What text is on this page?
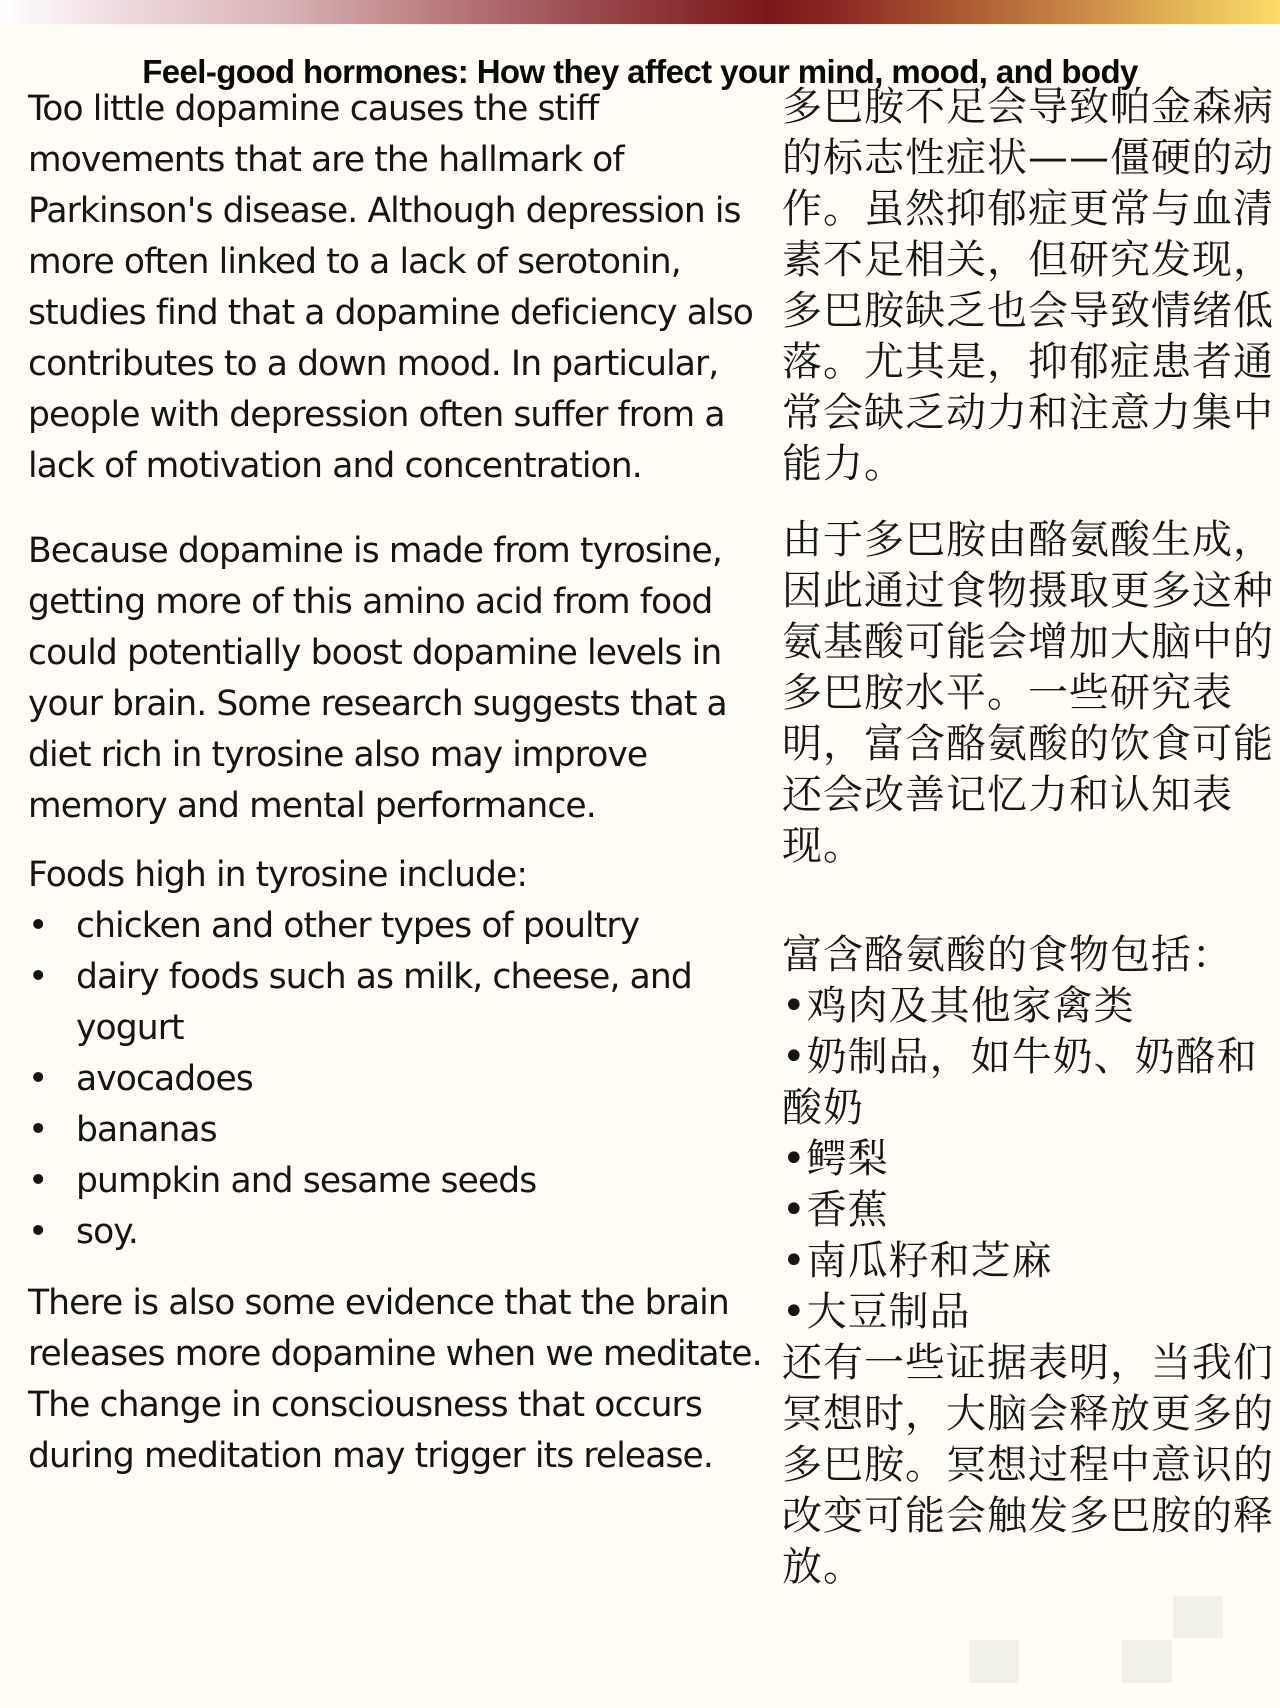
Feel-good hormones: How they affect your mind, mood, and body

Too little dopamine causes the stiff movements that are the hallmark of Parkinson's disease. Although depression is more often linked to a lack of serotonin, studies find that a dopamine deficiency also contributes to a down mood. In particular, people with depression often suffer from a lack of motivation and concentration.

Because dopamine is made from tyrosine, getting more of this amino acid from food could potentially boost dopamine levels in your brain. Some research suggests that a diet rich in tyrosine also may improve memory and mental performance.

Foods high in tyrosine include:

• chicken and other types of poultry
• dairy foods such as milk, cheese, and yogurt
• avocadoes
• bananas
• pumpkin and sesame seeds
• soy.

There is also some evidence that the brain releases more dopamine when we meditate. The change in consciousness that occurs during meditation may trigger its release.

多巴胺不足会导致帕金森病的标志性症状——僵硬的动作。虽然抑郁症更常与血清素不足相关，但研究发现，多巴胺缺乏也会导致情绪低落。尤其是，抑郁症患者通常会缺乏动力和注意力集中能力。

由于多巴胺由酪氨酸生成，因此通过食物摄取更多这种氨基酸可能会增加大脑中的多巴胺水平。一些研究表明，富含酪氨酸的饮食可能还会改善记忆力和认知表现。

富含酪氨酸的食物包括：

•鸡肉及其他家禽类
•奶制品，如牛奶、奶酪和酸奶
•鳄梨
•香蕉
•南瓜籽和芝麻
•大豆制品

还有一些证据表明，当我们冥想时，大脑会释放更多的多巴胺。冥想过程中意识的改变可能会触发多巴胺的释放。
